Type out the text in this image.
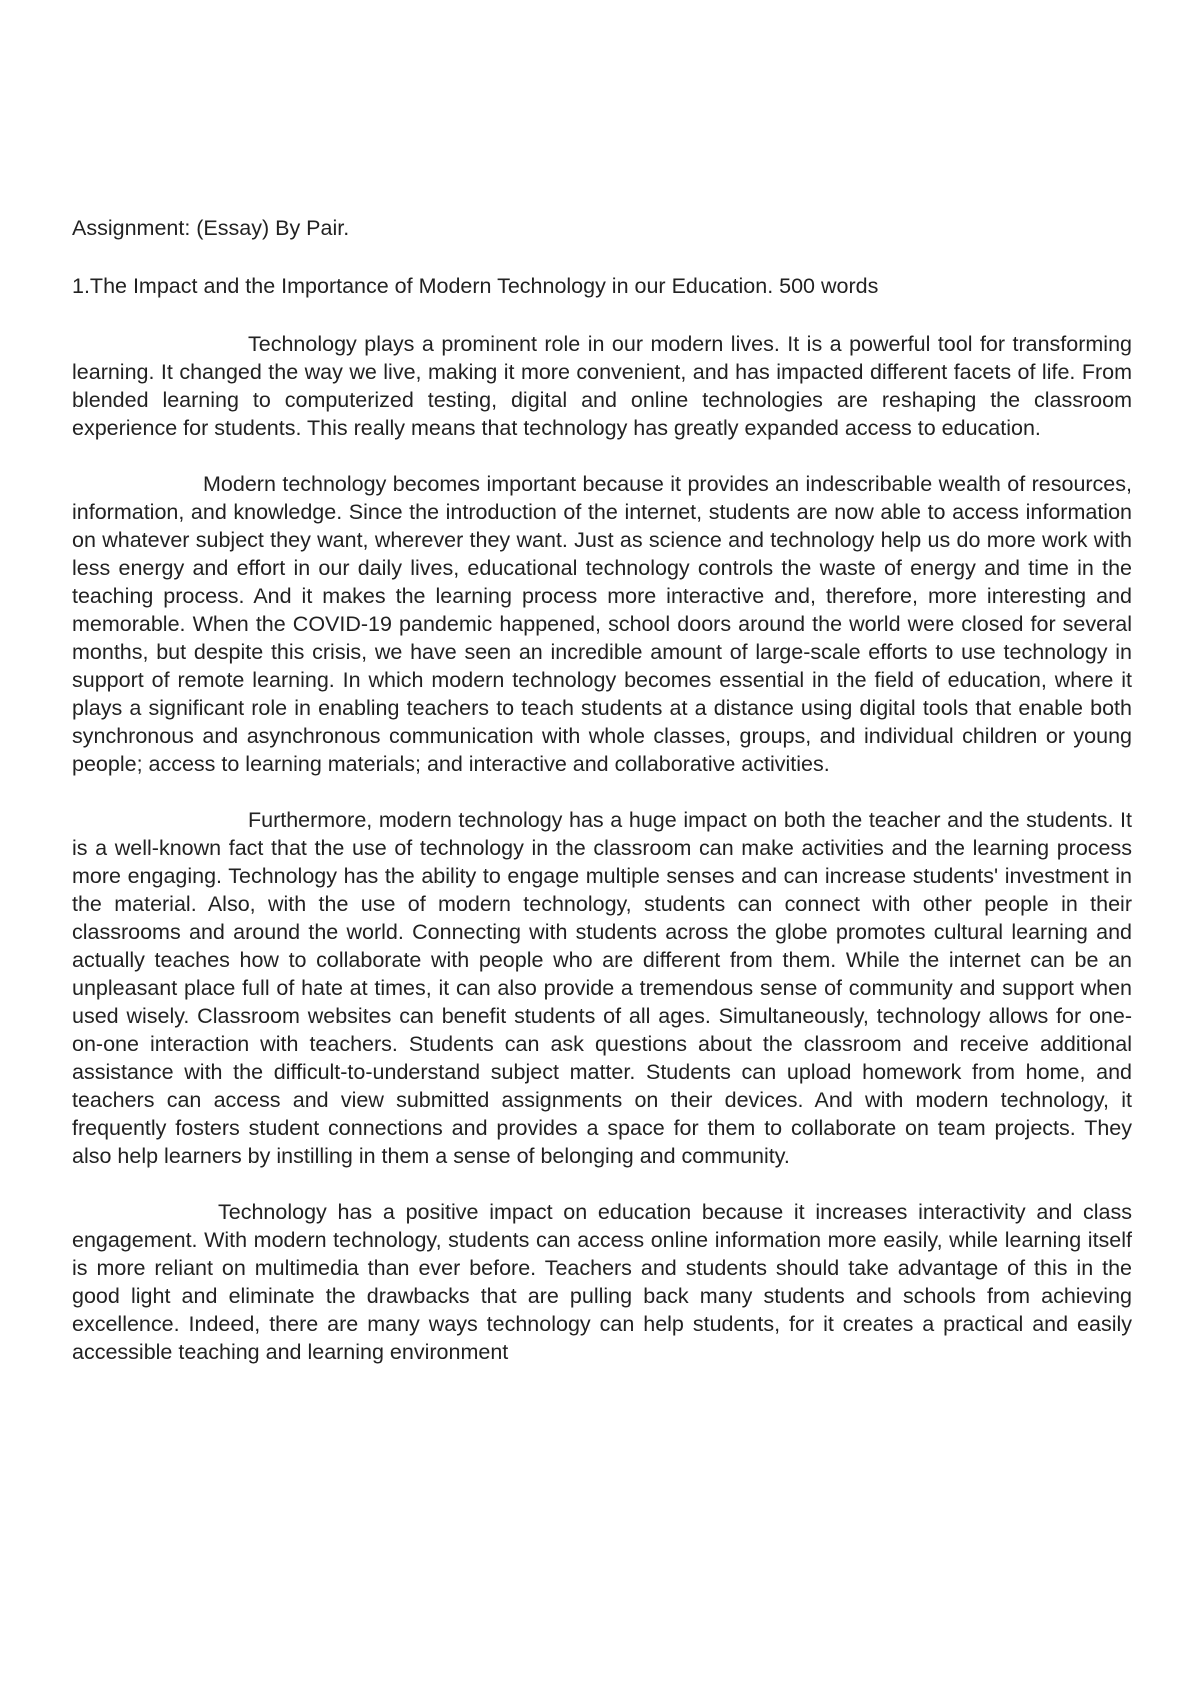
Assignment: (Essay) By Pair.

1.The Impact and the Importance of Modern Technology in our Education. 500 words

Technology plays a prominent role in our modern lives. It is a powerful tool for transforming learning. It changed the way we live, making it more convenient, and has impacted different facets of life. From blended learning to computerized testing, digital and online technologies are reshaping the classroom experience for students. This really means that technology has greatly expanded access to education.

Modern technology becomes important because it provides an indescribable wealth of resources, information, and knowledge. Since the introduction of the internet, students are now able to access information on whatever subject they want, wherever they want. Just as science and technology help us do more work with less energy and effort in our daily lives, educational technology controls the waste of energy and time in the teaching process. And it makes the learning process more interactive and, therefore, more interesting and memorable. When the COVID-19 pandemic happened, school doors around the world were closed for several months, but despite this crisis, we have seen an incredible amount of large-scale efforts to use technology in support of remote learning. In which modern technology becomes essential in the field of education, where it plays a significant role in enabling teachers to teach students at a distance using digital tools that enable both synchronous and asynchronous communication with whole classes, groups, and individual children or young people; access to learning materials; and interactive and collaborative activities.

Furthermore, modern technology has a huge impact on both the teacher and the students. It is a well-known fact that the use of technology in the classroom can make activities and the learning process more engaging. Technology has the ability to engage multiple senses and can increase students' investment in the material. Also, with the use of modern technology, students can connect with other people in their classrooms and around the world. Connecting with students across the globe promotes cultural learning and actually teaches how to collaborate with people who are different from them. While the internet can be an unpleasant place full of hate at times, it can also provide a tremendous sense of community and support when used wisely. Classroom websites can benefit students of all ages. Simultaneously, technology allows for one-on-one interaction with teachers. Students can ask questions about the classroom and receive additional assistance with the difficult-to-understand subject matter. Students can upload homework from home, and teachers can access and view submitted assignments on their devices. And with modern technology, it frequently fosters student connections and provides a space for them to collaborate on team projects. They also help learners by instilling in them a sense of belonging and community.

Technology has a positive impact on education because it increases interactivity and class engagement. With modern technology, students can access online information more easily, while learning itself is more reliant on multimedia than ever before. Teachers and students should take advantage of this in the good light and eliminate the drawbacks that are pulling back many students and schools from achieving excellence. Indeed, there are many ways technology can help students, for it creates a practical and easily accessible teaching and learning environment
